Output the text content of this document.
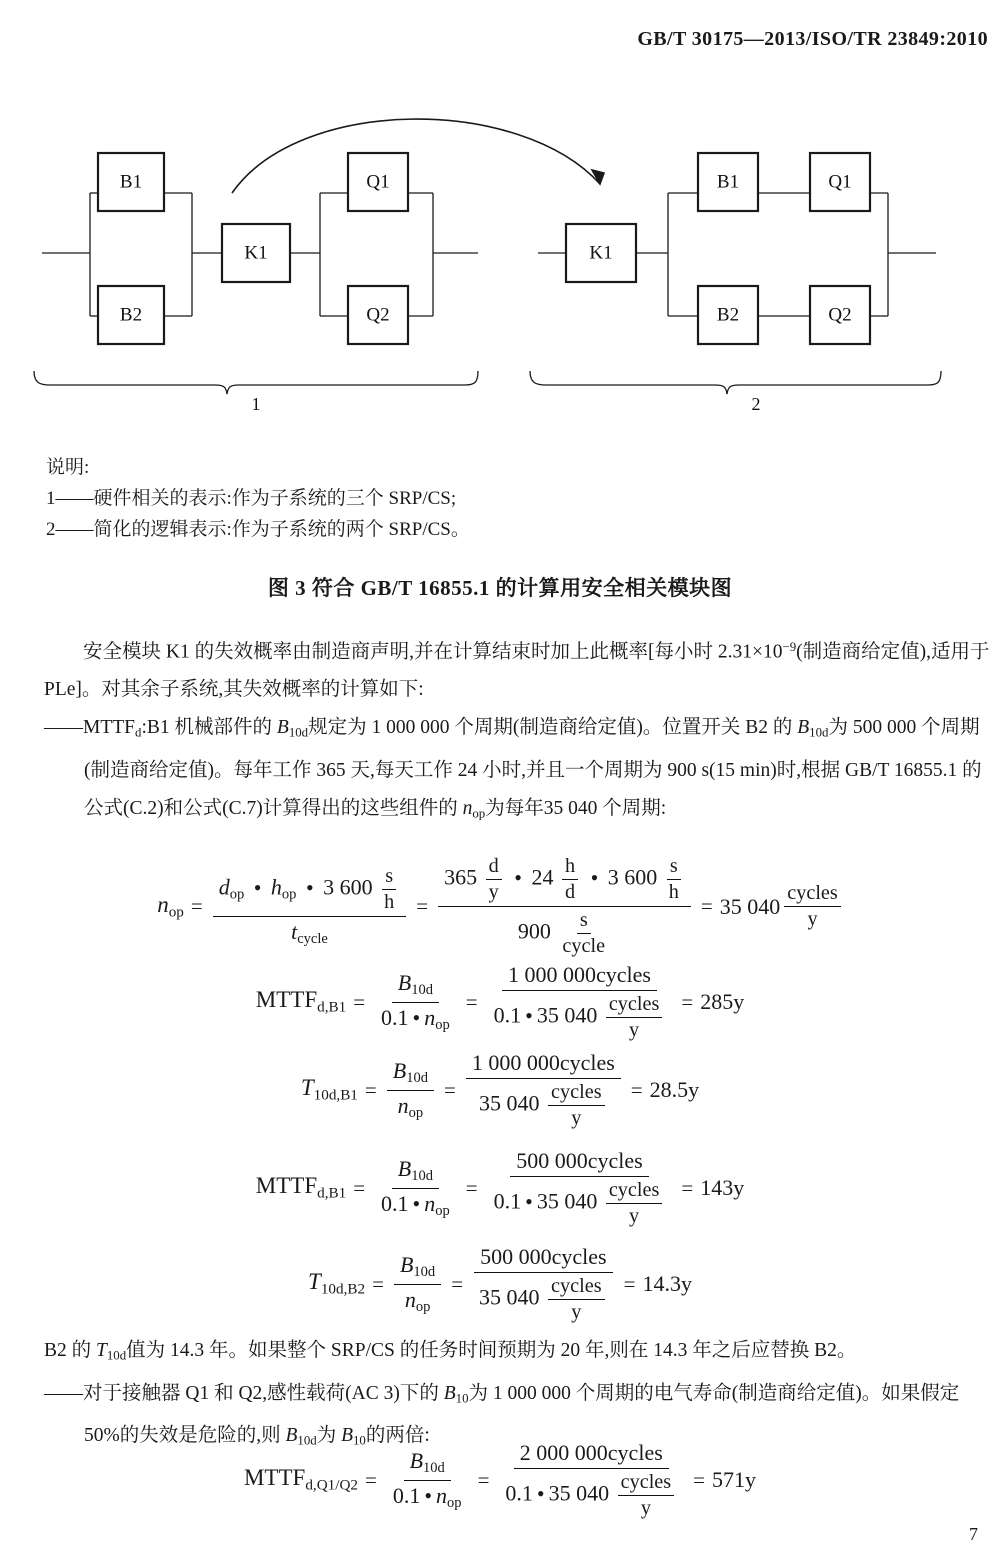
GB/T 30175—2013/ISO/TR 23849:2010
B1
B2
K1
Q1
Q2
K1
B1
B2
Q1
Q2
1	2
说明:
1——硬件相关的表示:作为子系统的三个 SRP/CS;
2——简化的逻辑表示:作为子系统的两个 SRP/CS。
图 3 符合 GB/T 16855.1 的计算用安全相关模块图

安全模块 K1 的失效概率由制造商声明,并在计算结束时加上此概率[每小时 $2.31\times 10^{-9}$(制造商给定值),适用于 PLe]。对其余子系统,其失效概率的计算如下:

$——MTTF_d:B1$ 机械部件的 $B_{10d}$规定为 1 000 000 个周期(制造商给定值)。位置开关 B2 的 $B_{10d}$为 500 000 个周期(制造商给定值)。每年工作 365 天,每天工作 24 小时,并且一个周期为 900 s(15 min)时,根据 GB/T 16855.1 的公式(C.2)和公式(C.7)计算得出的这些组件的 $n_{op}$为每年35 040 个周期:

$n_{op}$ =
$d_{op}$ • $h_{op}$ • 3 $600 \frac{s}{h}$
$t_{cycle}$
=
$365 \frac{d}{y}$ • $24 \frac{h}{d}$ • 3 $600 \frac{s}{h}$
900 s
cycle
= 35 040
cycles
y
$MTTF_{d,B1} = \frac{B_{10d}}{0.1 • n_{op}} = 1$ 000 000cycles
0.1 • 35 040 cycles
y = 285y
$T_{10d,B1} = \frac{B_{10d}}{n_{op}} = 1$ 000 000cycles
35 040 cycles
y = 28.5y
$MTTF_{d,B1} = \frac{B_{10d}}{0.1 • n_{op}} = 500$ 000cycles
0.1 • 35 040 cycles
y = 143y
$T_{10d,B2} = \frac{B_{10d}}{n_{op}} = 500$ 000cycles
35 040 cycles
y = 14.3y

B2 的 $T_{10d}$值为 14.3 年。如果整个 SRP/CS 的任务时间预期为 20 年,则在 14.3 年之后应替换 B2。

——对于接触器 Q1 和 Q2,感性载荷(AC 3)下的 $B_{10}$为 1 000 000 个周期的电气寿命(制造商给定值)。如果假定 50%的失效是危险的,则 $B_{10d}$为 $B_{10}$的两倍:

$MTTF_{d,Q1/Q2} = \frac{B_{10d}}{0.1 • n_{op}} = 2$ 000 000cycles
0.1 • 35 040 cycles
y = 571y
7
